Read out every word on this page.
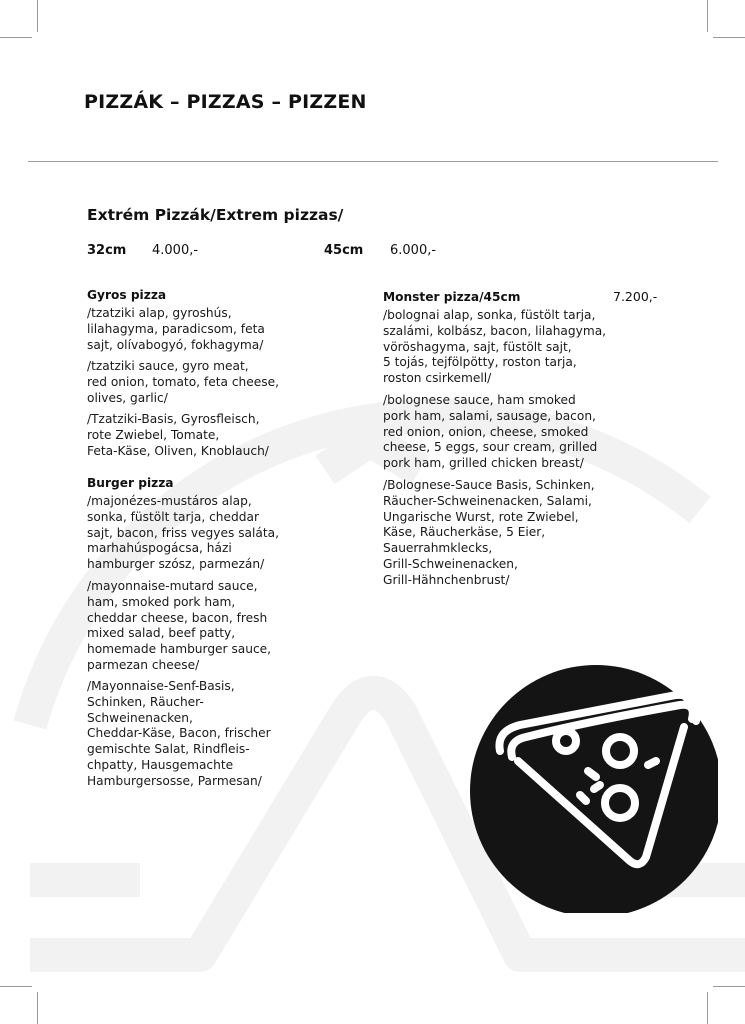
PIZZÁK – PIZZAS – PIZZEN
Extrém Pizzák/Extrem pizzas/
32cm 4.000,-	45cm 6.000,-
Gyros pizza
/tzatziki alap, gyroshús,
lilahagyma, paradicsom, feta
sajt, olívabogyó, fokhagyma/
/tzatziki sauce, gyro meat,
red onion, tomato, feta cheese,
olives, garlic/
/Tzatziki-Basis, Gyrosfleisch,
rote Zwiebel, Tomate,
Feta-Käse, Oliven, Knoblauch/
Burger pizza
/majonézes-mustáros alap,
sonka, füstölt tarja, cheddar
sajt, bacon, friss vegyes saláta,
marhahúspogácsa, házi
hamburger szósz, parmezán/
/mayonnaise-mutard sauce,
ham, smoked pork ham,
cheddar cheese, bacon, fresh
mixed salad, beef patty,
homemade hamburger sauce,
parmezan cheese/
/Mayonnaise-Senf-Basis,
Schinken, Räucher-
Schweinenacken,
Cheddar-Käse, Bacon, frischer
gemischte Salat, Rindfleis-
chpatty, Hausgemachte
Hamburgersosse, Parmesan/
Monster pizza/45cm	7.200,-
/bolognai alap, sonka, füstölt tarja,
szalámi, kolbász, bacon, lilahagyma,
vöröshagyma, sajt, füstölt sajt,
5 tojás, tejfölpötty, roston tarja,
roston csirkemell/
/bolognese sauce, ham smoked
pork ham, salami, sausage, bacon,
red onion, onion, cheese, smoked
cheese, 5 eggs, sour cream, grilled
pork ham, grilled chicken breast/
/Bolognese-Sauce Basis, Schinken,
Räucher-Schweinenacken, Salami,
Ungarische Wurst, rote Zwiebel,
Käse, Räucherkäse, 5 Eier,
Sauerrahmklecks,
Grill-Schweinenacken,
Grill-Hähnchenbrust/
